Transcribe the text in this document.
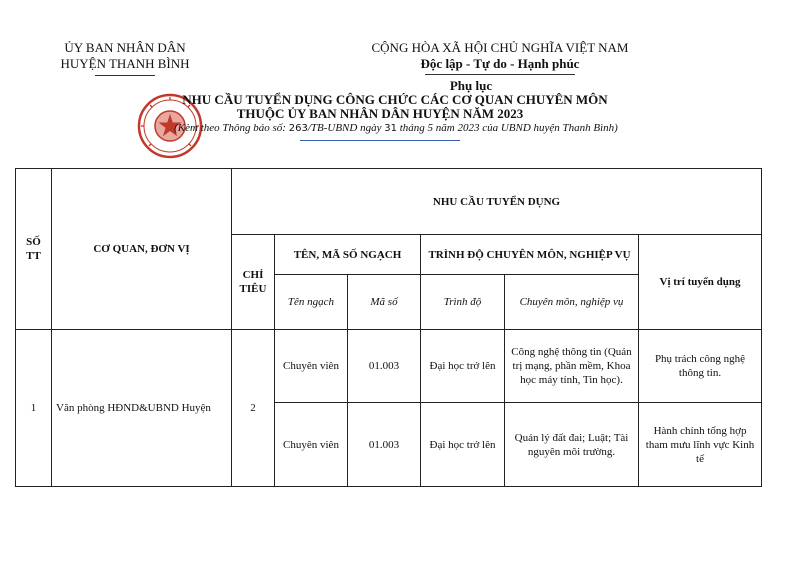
ỦY BAN NHÂN DÂN
HUYỆN THANH BÌNH
CỘNG HÒA XÃ HỘI CHỦ NGHĨA VIỆT NAM
Độc lập - Tự do - Hạnh phúc
Phụ lục
NHU CẦU TUYỂN DỤNG CÔNG CHỨC CÁC CƠ QUAN CHUYÊN MÔN
THUỘC ỦY BAN NHÂN DÂN HUYỆN NĂM 2023
(Kèm theo Thông báo số: 263/TB-UBND ngày 31 tháng 5 năm 2023 của UBND huyện Thanh Bình)
SỐ TT	CƠ QUAN, ĐƠN VỊ	NHU CẦU TUYỂN DỤNG					
		CHỈ TIÊU	TÊN, MÃ SỐ NGẠCH		TRÌNH ĐỘ CHUYÊN MÔN, NGHIỆP VỤ		Vị trí tuyển dụng
			Tên ngạch	Mã số	Trình độ	Chuyên môn, nghiệp vụ	
1	Văn phòng HĐND&UBND Huyện	2	Chuyên viên	01.003	Đại học trở lên	Công nghệ thông tin (Quản trị mạng, phần mềm, Khoa học máy tính, Tin học).	Phụ trách công nghệ thông tin.
			Chuyên viên	01.003	Đại học trở lên	Quản lý đất đai; Luật; Tài nguyên môi trường.	Hành chính tổng hợp tham mưu lĩnh vực Kinh tế
